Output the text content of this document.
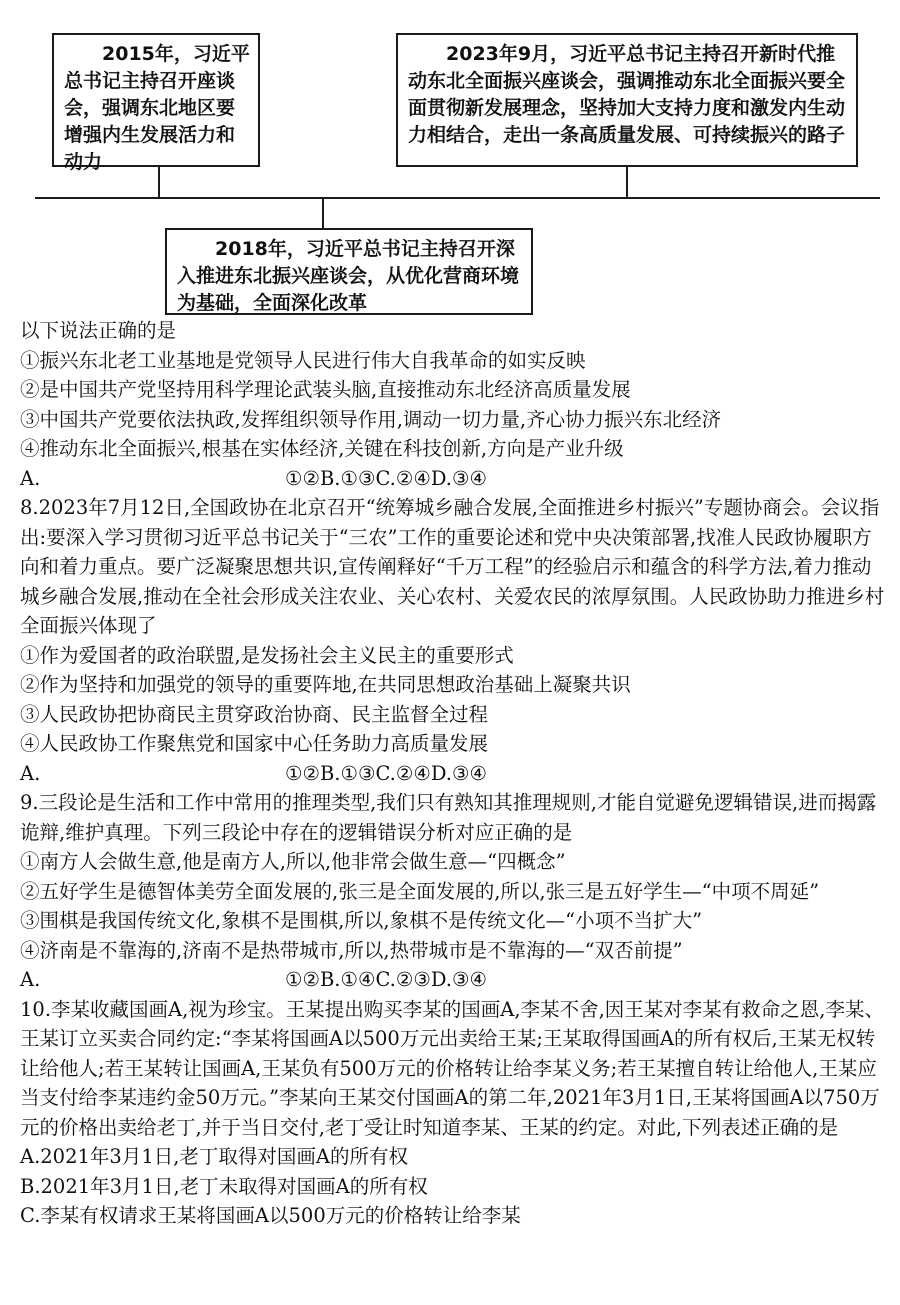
2015年，习近平总书记主持召开座谈会，强调东北地区要增强内生发展活力和动力
2023年9月，习近平总书记主持召开新时代推动东北全面振兴座谈会，强调推动东北全面振兴要全面贯彻新发展理念，坚持加大支持力度和激发内生动力相结合，走出一条高质量发展、可持续振兴的路子
2018年，习近平总书记主持召开深入推进东北振兴座谈会，从优化营商环境为基础，全面深化改革
以下说法正确的是
①振兴东北老工业基地是党领导人民进行伟大自我革命的如实反映
②是中国共产党坚持用科学理论武装头脑,直接推动东北经济高质量发展
③中国共产党要依法执政,发挥组织领导作用,调动一切力量,齐心协力振兴东北经济
④推动东北全面振兴,根基在实体经济,关键在科技创新,方向是产业升级
A.	①②B.①③C.②④D.③④
8.2023年7月12日,全国政协在北京召开“统筹城乡融合发展,全面推进乡村振兴”专题协商会。会议指出:要深入学习贯彻习近平总书记关于“三农”工作的重要论述和党中央决策部署,找准人民政协履职方向和着力重点。要广泛凝聚思想共识,宣传阐释好“千万工程”的经验启示和蕴含的科学方法,着力推动城乡融合发展,推动在全社会形成关注农业、关心农村、关爱农民的浓厚氛围。人民政协助力推进乡村全面振兴体现了
①作为爱国者的政治联盟,是发扬社会主义民主的重要形式
②作为坚持和加强党的领导的重要阵地,在共同思想政治基础上凝聚共识
③人民政协把协商民主贯穿政治协商、民主监督全过程
④人民政协工作聚焦党和国家中心任务助力高质量发展
A.	①②B.①③C.②④D.③④
9.三段论是生活和工作中常用的推理类型,我们只有熟知其推理规则,才能自觉避免逻辑错误,进而揭露诡辩,维护真理。下列三段论中存在的逻辑错误分析对应正确的是
①南方人会做生意,他是南方人,所以,他非常会做生意—“四概念”
②五好学生是德智体美劳全面发展的,张三是全面发展的,所以,张三是五好学生—“中项不周延”
③围棋是我国传统文化,象棋不是围棋,所以,象棋不是传统文化—“小项不当扩大”
④济南是不靠海的,济南不是热带城市,所以,热带城市是不靠海的—“双否前提”
A.	①②B.①④C.②③D.③④
10.李某收藏国画A,视为珍宝。王某提出购买李某的国画A,李某不舍,因王某对李某有救命之恩,李某、王某订立买卖合同约定:“李某将国画A以500万元出卖给王某;王某取得国画A的所有权后,王某无权转让给他人;若王某转让国画A,王某负有500万元的价格转让给李某义务;若王某擅自转让给他人,王某应当支付给李某违约金50万元。”李某向王某交付国画A的第二年,2021年3月1日,王某将国画A以750万元的价格出卖给老丁,并于当日交付,老丁受让时知道李某、王某的约定。对此,下列表述正确的是
A.2021年3月1日,老丁取得对国画A的所有权
B.2021年3月1日,老丁未取得对国画A的所有权
C.李某有权请求王某将国画A以500万元的价格转让给李某
